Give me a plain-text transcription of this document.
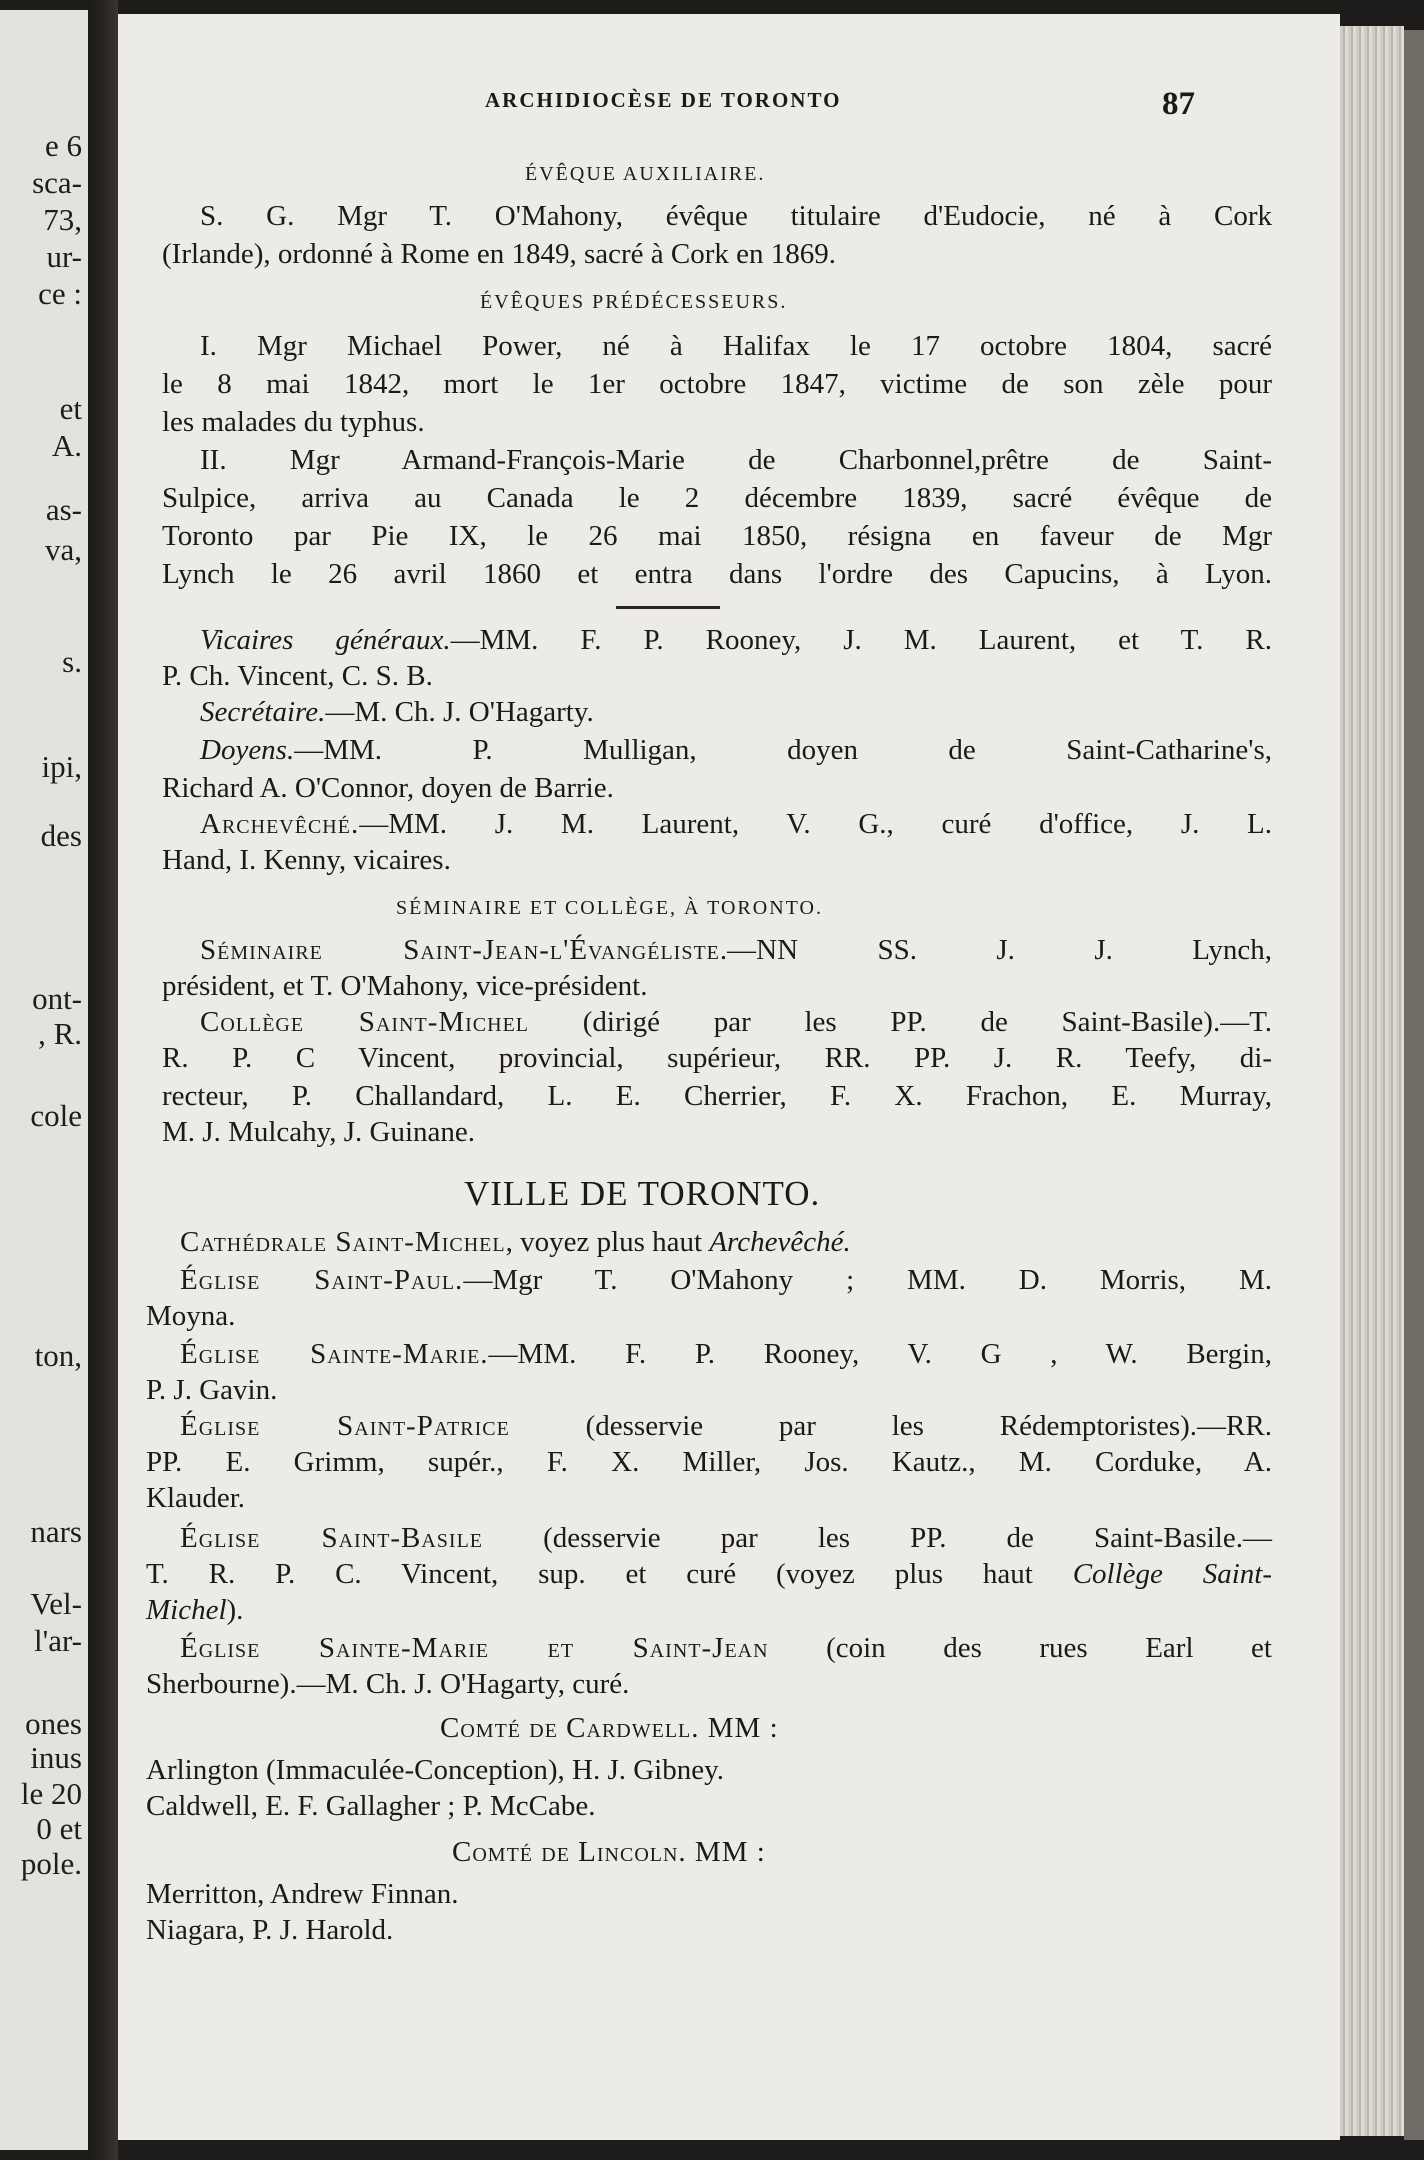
e 6
sca-
73,
ur-
ce :
et
A.
as-
va,
s.
ipi,
des
ont-
, R.
cole
ton,
nars
Vel-
l'ar-
ones
inus
le 20
0 et
pole.
ARCHIDIOCÈSE DE TORONTO	87
ÉVÊQUE AUXILIAIRE.
S. G. Mgr T. O'Mahony, évêque titulaire d'Eudocie, né à Cork
(Irlande), ordonné à Rome en 1849, sacré à Cork en 1869.
ÉVÊQUES PRÉDÉCESSEURS.
I. Mgr Michael Power, né à Halifax le 17 octobre 1804, sacré
le 8 mai 1842, mort le 1er octobre 1847, victime de son zèle pour
les malades du typhus.
II. Mgr Armand-François-Marie de Charbonnel,prêtre de Saint-
Sulpice, arriva au Canada le 2 décembre 1839, sacré évêque de
Toronto par Pie IX, le 26 mai 1850, résigna en faveur de Mgr
Lynch le 26 avril 1860 et entra dans l'ordre des Capucins, à Lyon.
Vicaires généraux.—MM. F. P. Rooney, J. M. Laurent, et T. R.
P. Ch. Vincent, C. S. B.
Secrétaire.—M. Ch. J. O'Hagarty.
Doyens.—MM. P. Mulligan, doyen de Saint-Catharine's,
Richard A. O'Connor, doyen de Barrie.
Archevêché.—MM. J. M. Laurent, V. G., curé d'office, J. L.
Hand, I. Kenny, vicaires.
SÉMINAIRE ET COLLÈGE, À TORONTO.
Séminaire Saint-Jean-l'Évangéliste.—NN SS. J. J. Lynch,
président, et T. O'Mahony, vice-président.
Collège Saint-Michel (dirigé par les PP. de Saint-Basile).—T.
R. P. C Vincent, provincial, supérieur, RR. PP. J. R. Teefy, di-
recteur, P. Challandard, L. E. Cherrier, F. X. Frachon, E. Murray,
M. J. Mulcahy, J. Guinane.
VILLE DE TORONTO.
Cathédrale Saint-Michel, voyez plus haut Archevêché.
Église Saint-Paul.—Mgr T. O'Mahony ; MM. D. Morris, M.
Moyna.
Église Sainte-Marie.—MM. F. P. Rooney, V. G , W. Bergin,
P. J. Gavin.
Église Saint-Patrice (desservie par les Rédemptoristes).—RR.
PP. E. Grimm, supér., F. X. Miller, Jos. Kautz., M. Corduke, A.
Klauder.
Église Saint-Basile (desservie par les PP. de Saint-Basile.—
T. R. P. C. Vincent, sup. et curé (voyez plus haut Collège Saint-
Michel).
Église Sainte-Marie et Saint-Jean (coin des rues Earl et
Sherbourne).—M. Ch. J. O'Hagarty, curé.
Comté de Cardwell. MM :
Arlington (Immaculée-Conception), H. J. Gibney.
Caldwell, E. F. Gallagher ; P. McCabe.
Comté de Lincoln. MM :
Merritton, Andrew Finnan.
Niagara, P. J. Harold.
